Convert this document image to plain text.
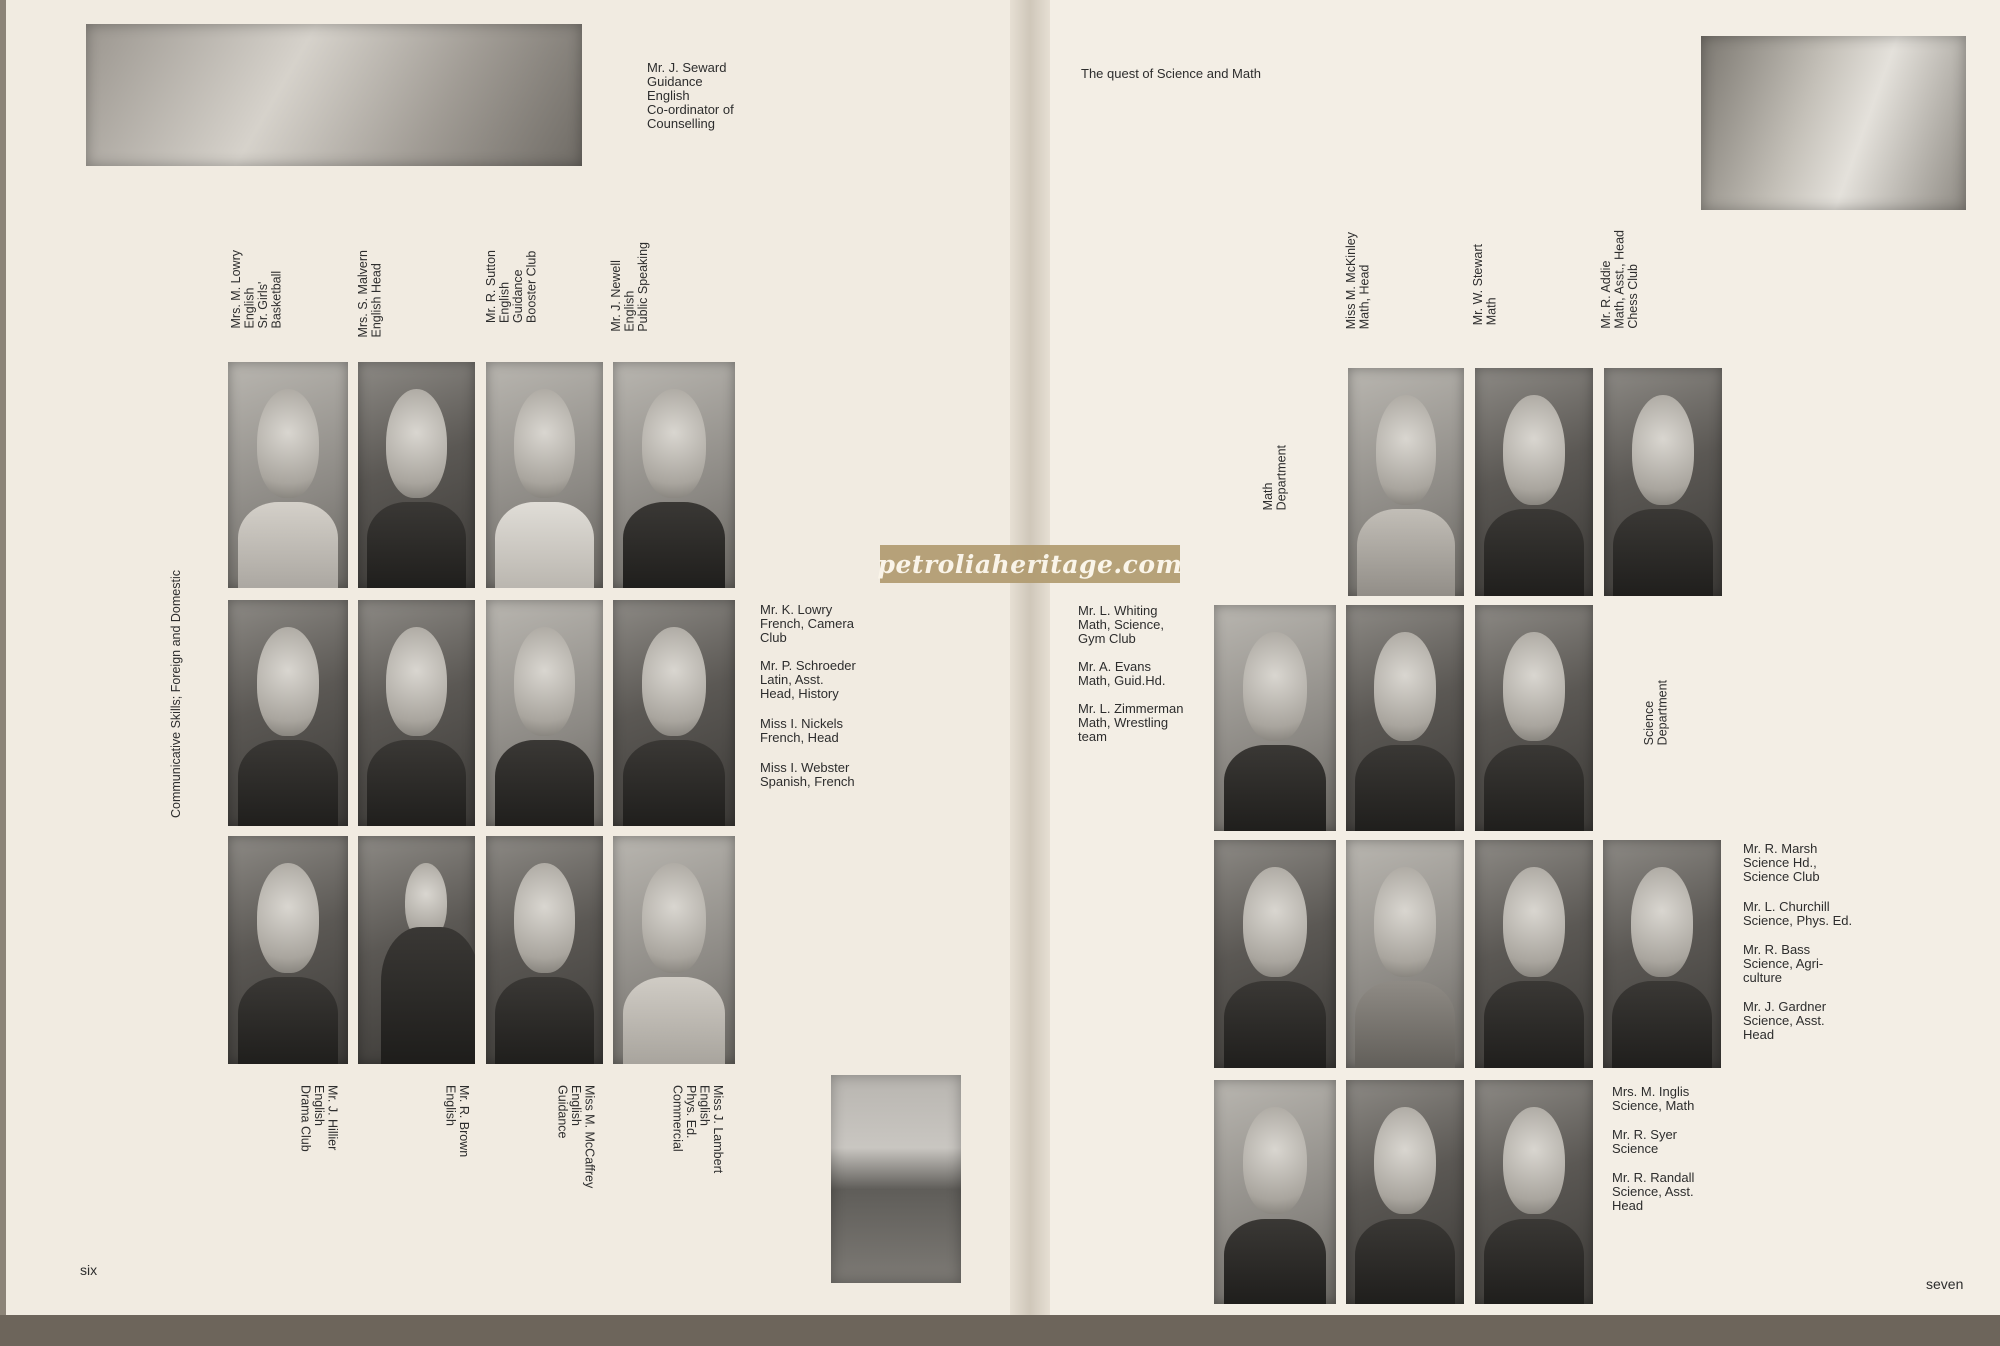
Mr. J. Seward
Guidance
English
Co-ordinator of
Counselling
Communicative Skills; Foreign and Domestic
Mrs. M. Lowry
English
Sr. Girls'
Basketball	Mrs. S. Malvern
English Head
Mr. R. Sutton
English
Guidance
Booster Club
Mr. J. Newell
English
Public Speaking
Mr. K. Lowry
French, Camera
Club
Mr. P. Schroeder
Latin, Asst.
Head, History
Miss I. Nickels
French, Head
Miss I. Webster
Spanish, French
Mr. J. Hillier
English
Drama Club
Mr. R. Brown
English	Miss M. McCaffrey
English
Guidance	Miss J. Lambert
English
Phys. Ed.
Commercial
six
The quest of Science and Math
Miss M. McKinley
Math, Head
Mr. W. Stewart
Math	Mr. R. Addie
Math, Asst., Head
Chess Club
Math
Department
Mr. L. Whiting
Math, Science,
Gym Club
Mr. A. Evans
Math, Guid.Hd.
Mr. L. Zimmerman
Math, Wrestling
team	Science
Department
Mr. R. Marsh
Science Hd.,
Science Club
Mr. L. Churchill
Science, Phys. Ed.
Mr. R. Bass
Science, Agri-
culture
Mr. J. Gardner
Science, Asst.
Head
Mrs. M. Inglis
Science, Math
Mr. R. Syer
Science
Mr. R. Randall
Science, Asst.
Head
seven
petroliaheritage.com
